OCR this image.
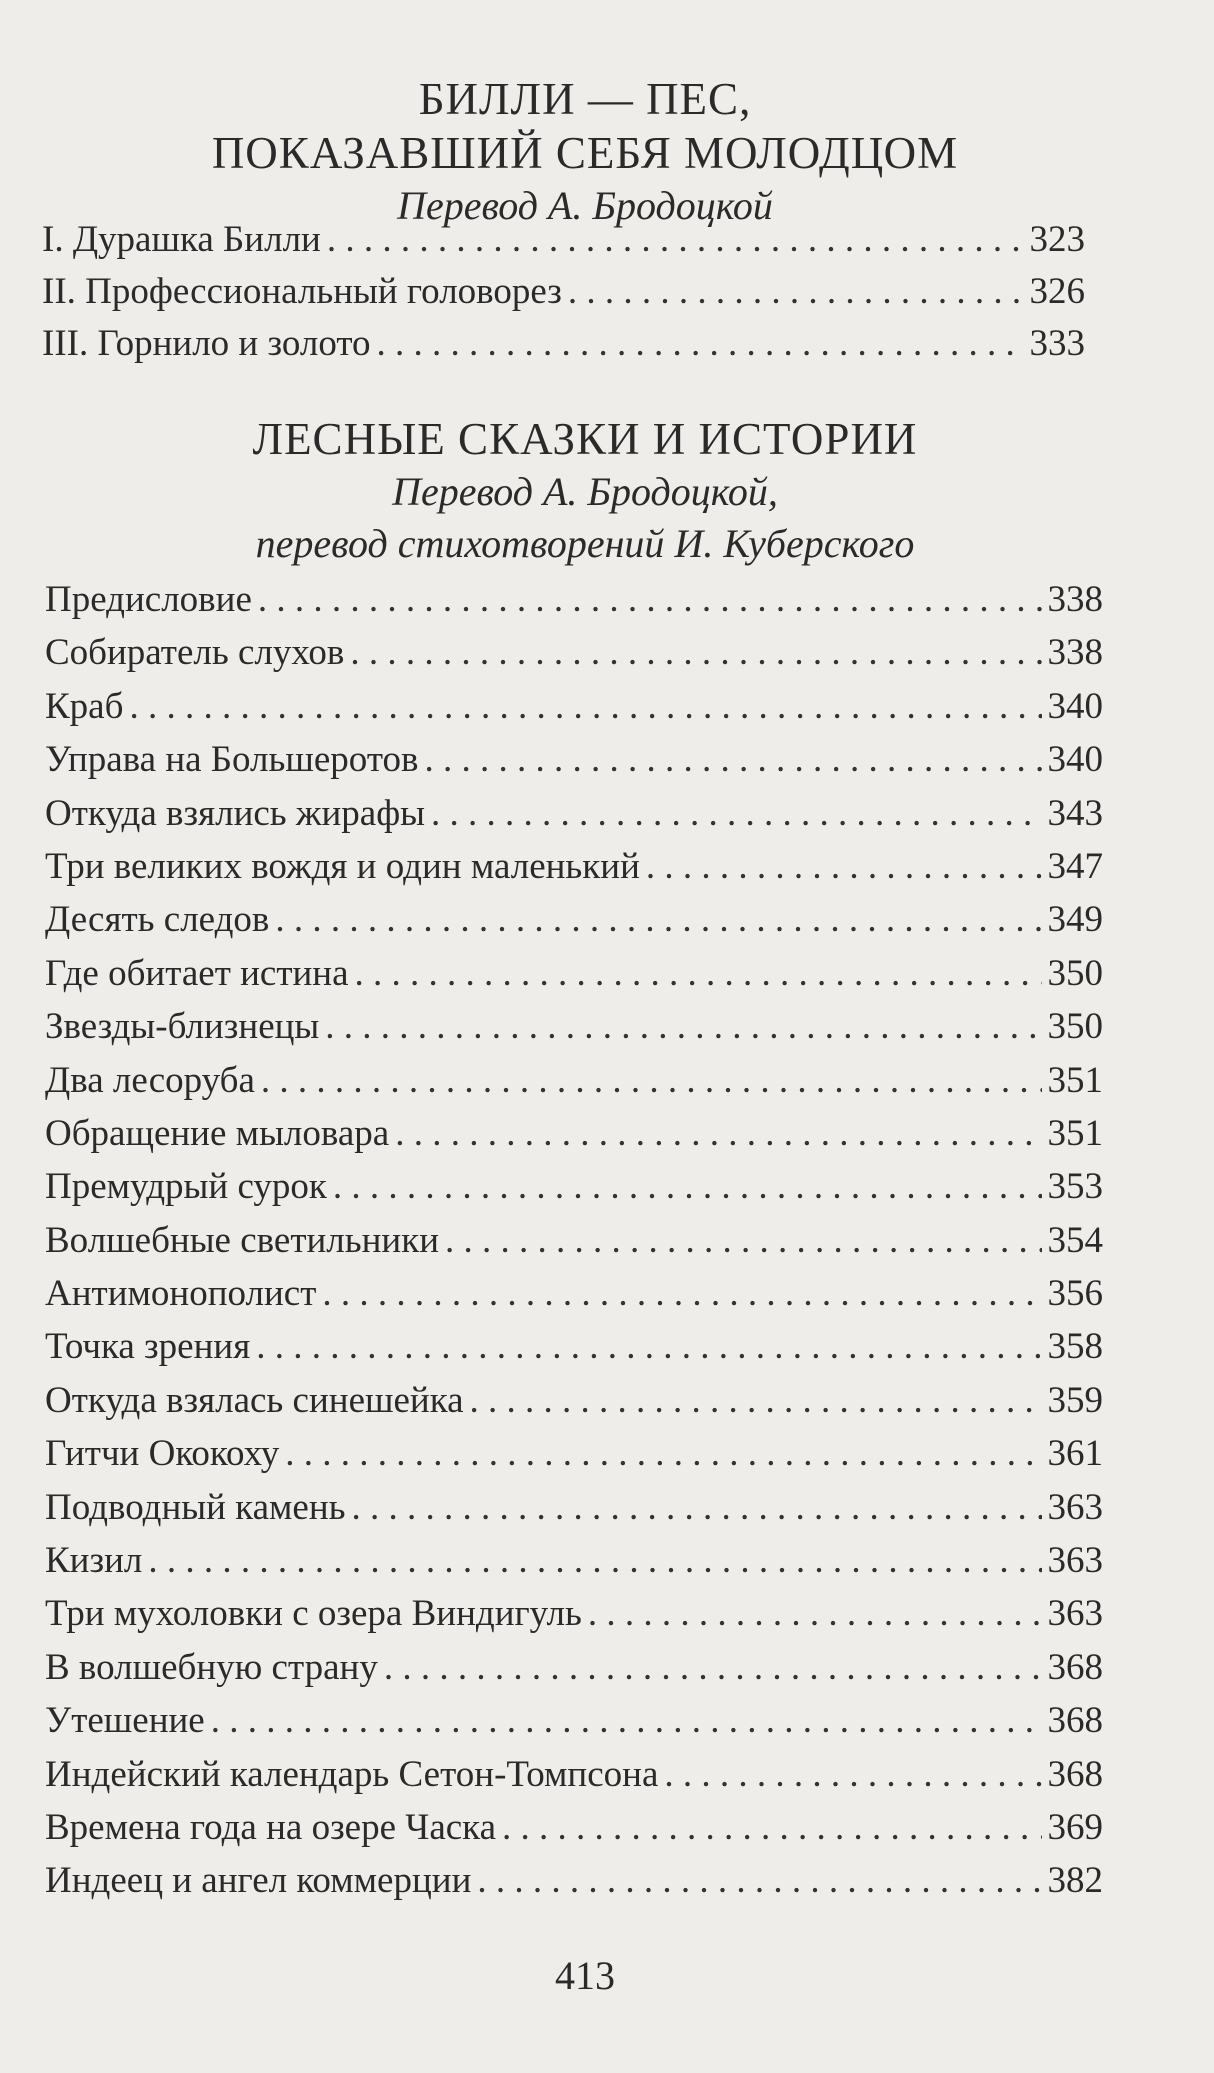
БИЛЛИ — ПЕС,
ПОКАЗАВШИЙ СЕБЯ МОЛОДЦОМ

Перевод А. Бродоцкой

I. Дурашка Билли . . .	323
II. Профессиональный головорез . . .	326
III. Горнило и золото . . .	333
ЛЕСНЫЕ СКАЗКИ И ИСТОРИИ

Перевод А. Бродоцкой,

перевод стихотворений И. Куберского

Предисловие . . .	338
Собиратель слухов . . .	338
Краб . . .	340
Управа на Большеротов . . .	340
Откуда взялись жирафы . . .	343
Три великих вождя и один маленький . . .	347
Десять следов . . .	349
Где обитает истина . . .	350
Звезды-близнецы . . .	350
Два лесоруба . . .	351
Обращение мыловара . . .	351
Премудрый сурок . . .	353
Волшебные светильники . . .	354
Антимонополист . . .	356
Точка зрения . . .	358
Откуда взялась синешейка . . .	359
Гитчи Ококоху . . .	361
Подводный камень . . .	363
Кизил . . .	363
Три мухоловки с озера Виндигуль . . .	363
В волшебную страну . . .	368
Утешение . . .	368
Индейский календарь Сетон-Томпсона . . .	368
Времена года на озере Часка . . .	369
Индеец и ангел коммерции . . .	382
413
